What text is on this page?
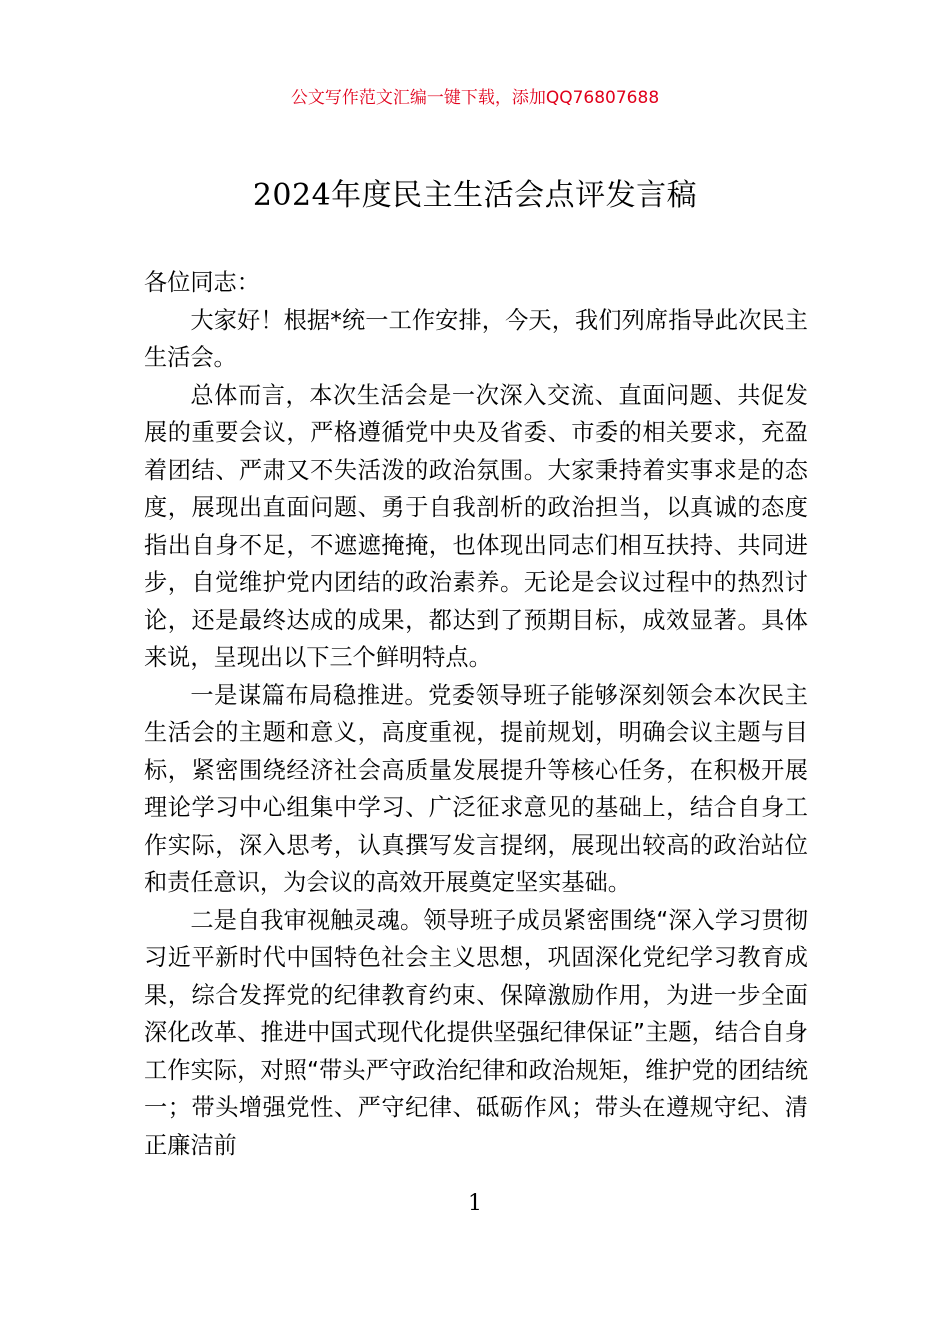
公文写作范文汇编一键下载，添加QQ76807688
2024年度民主生活会点评发言稿

各位同志：

大家好！根据*统一工作安排，今天，我们列席指导此次民主生活会。

总体而言，本次生活会是一次深入交流、直面问题、共促发展的重要会议，严格遵循党中央及省委、市委的相关要求，充盈着团结、严肃又不失活泼的政治氛围。大家秉持着实事求是的态度，展现出直面问题、勇于自我剖析的政治担当，以真诚的态度指出自身不足，不遮遮掩掩，也体现出同志们相互扶持、共同进步，自觉维护党内团结的政治素养。无论是会议过程中的热烈讨论，还是最终达成的成果，都达到了预期目标，成效显著。具体来说，呈现出以下三个鲜明特点。

一是谋篇布局稳推进。党委领导班子能够深刻领会本次民主生活会的主题和意义，高度重视，提前规划，明确会议主题与目标，紧密围绕经济社会高质量发展提升等核心任务，在积极开展理论学习中心组集中学习、广泛征求意见的基础上，结合自身工作实际，深入思考，认真撰写发言提纲，展现出较高的政治站位和责任意识，为会议的高效开展奠定坚实基础。

二是自我审视触灵魂。领导班子成员紧密围绕“深入学习贯彻习近平新时代中国特色社会主义思想，巩固深化党纪学习教育成果，综合发挥党的纪律教育约束、保障激励作用，为进一步全面深化改革、推进中国式现代化提供坚强纪律保证”主题，结合自身工作实际，对照“带头严守政治纪律和政治规矩，维护党的团结统一；带头增强党性、严守纪律、砥砺作风；带头在遵规守纪、清正廉洁前

1
